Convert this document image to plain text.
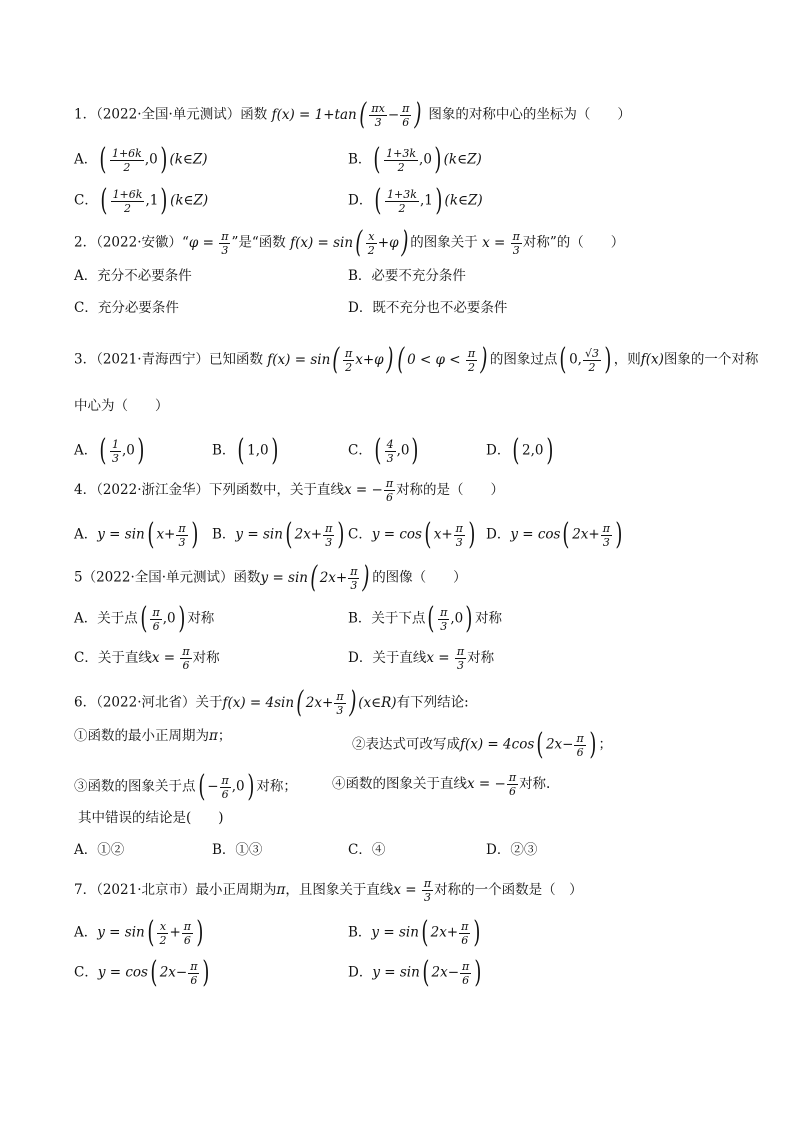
1．（2022·全国·单元测试）函数 $f(x) = 1+\tan( \frac{\pi x}{3} - \frac{\pi}{6}$ ) 图象的对称中心的坐标为（　　）
A．( $\frac{1+6k}{2} ,0$) (k∈Z)	B．( $\frac{1+3k}{2} ,0$) (k∈Z)
C．( $\frac{1+6k}{2} ,1$) (k∈Z)	D．( $\frac{1+3k}{2} ,1$) (k∈Z)
2．（2022·安徽）“φ = $\frac{\pi}{3}$ ”是“函数 $f(x) = \sin( \frac{x}{2} +\varphi)$ 的图象关于 $x = \frac{\pi}{3}$ 对称”的（　　）
A．充分不必要条件	B．必要不充分条件
C．充分必要条件	D．既不充分也不必要条件
3．（2021·青海西宁）已知函数 $f(x) = \sin( \frac{\pi}{2} x+\varphi)$ ( $0 < \varphi < \frac{\pi}{2}$ ) 的图象过点( 0, $\frac{√3}{2}$ ) ，则f(x)图象的一个对称
中心为（　　）
A．( $\frac{1}{3} ,0$)	B．( 1,0)	C．( $\frac{4}{3} ,0$)	D．( 2,0)
4．（2022·浙江金华）下列函数中，关于直线x = − $\frac{\pi}{6}$ 对称的是（　　）
A．y = sin( $x+ \frac{\pi}{3}$ ) B．y = sin( $2x+ \frac{\pi}{3}$ ) C．y = cos( $x+ \frac{\pi}{3}$ ) D．y = cos( $2x+ \frac{\pi}{3}$ )
5（2022·全国·单元测试）函数y = sin( $2x+ \frac{\pi}{3}$ ) 的图像（　　）
A．关于点( $\frac{\pi}{6} ,0$) 对称	B．关于下点( $\frac{\pi}{3} ,0$) 对称
C．关于直线$x = \frac{\pi}{6}$ 对称	D．关于直线$x = \frac{\pi}{3}$ 对称
6．（2022·河北省）关于f(x) = 4sin( $2x+ \frac{\pi}{3}$ ) (x∈R)有下列结论:
①函数的最小正周期为π；
②表达式可改写成f(x) = 4cos( $2x- \frac{\pi}{6}$ ) ；
③函数的图象关于点( − $\frac{\pi}{6} ,0$) 对称；	④函数的图象关于直线x = − $\frac{\pi}{6}$ 对称.
其中错误的结论是(　　)
A．①②	B．①③	C．④	D．②③
7．（2021·北京市）最小正周期为π，且图象关于直线$x = \frac{\pi}{3}$ 对称的一个函数是（　）
A．$y = \sin( \frac{x}{2} + \frac{\pi}{6}$ )	B．y = sin( $2x+ \frac{\pi}{6}$ )
C．y = cos( $2x- \frac{\pi}{6}$ )	D．y = sin( $2x- \frac{\pi}{6}$ )
